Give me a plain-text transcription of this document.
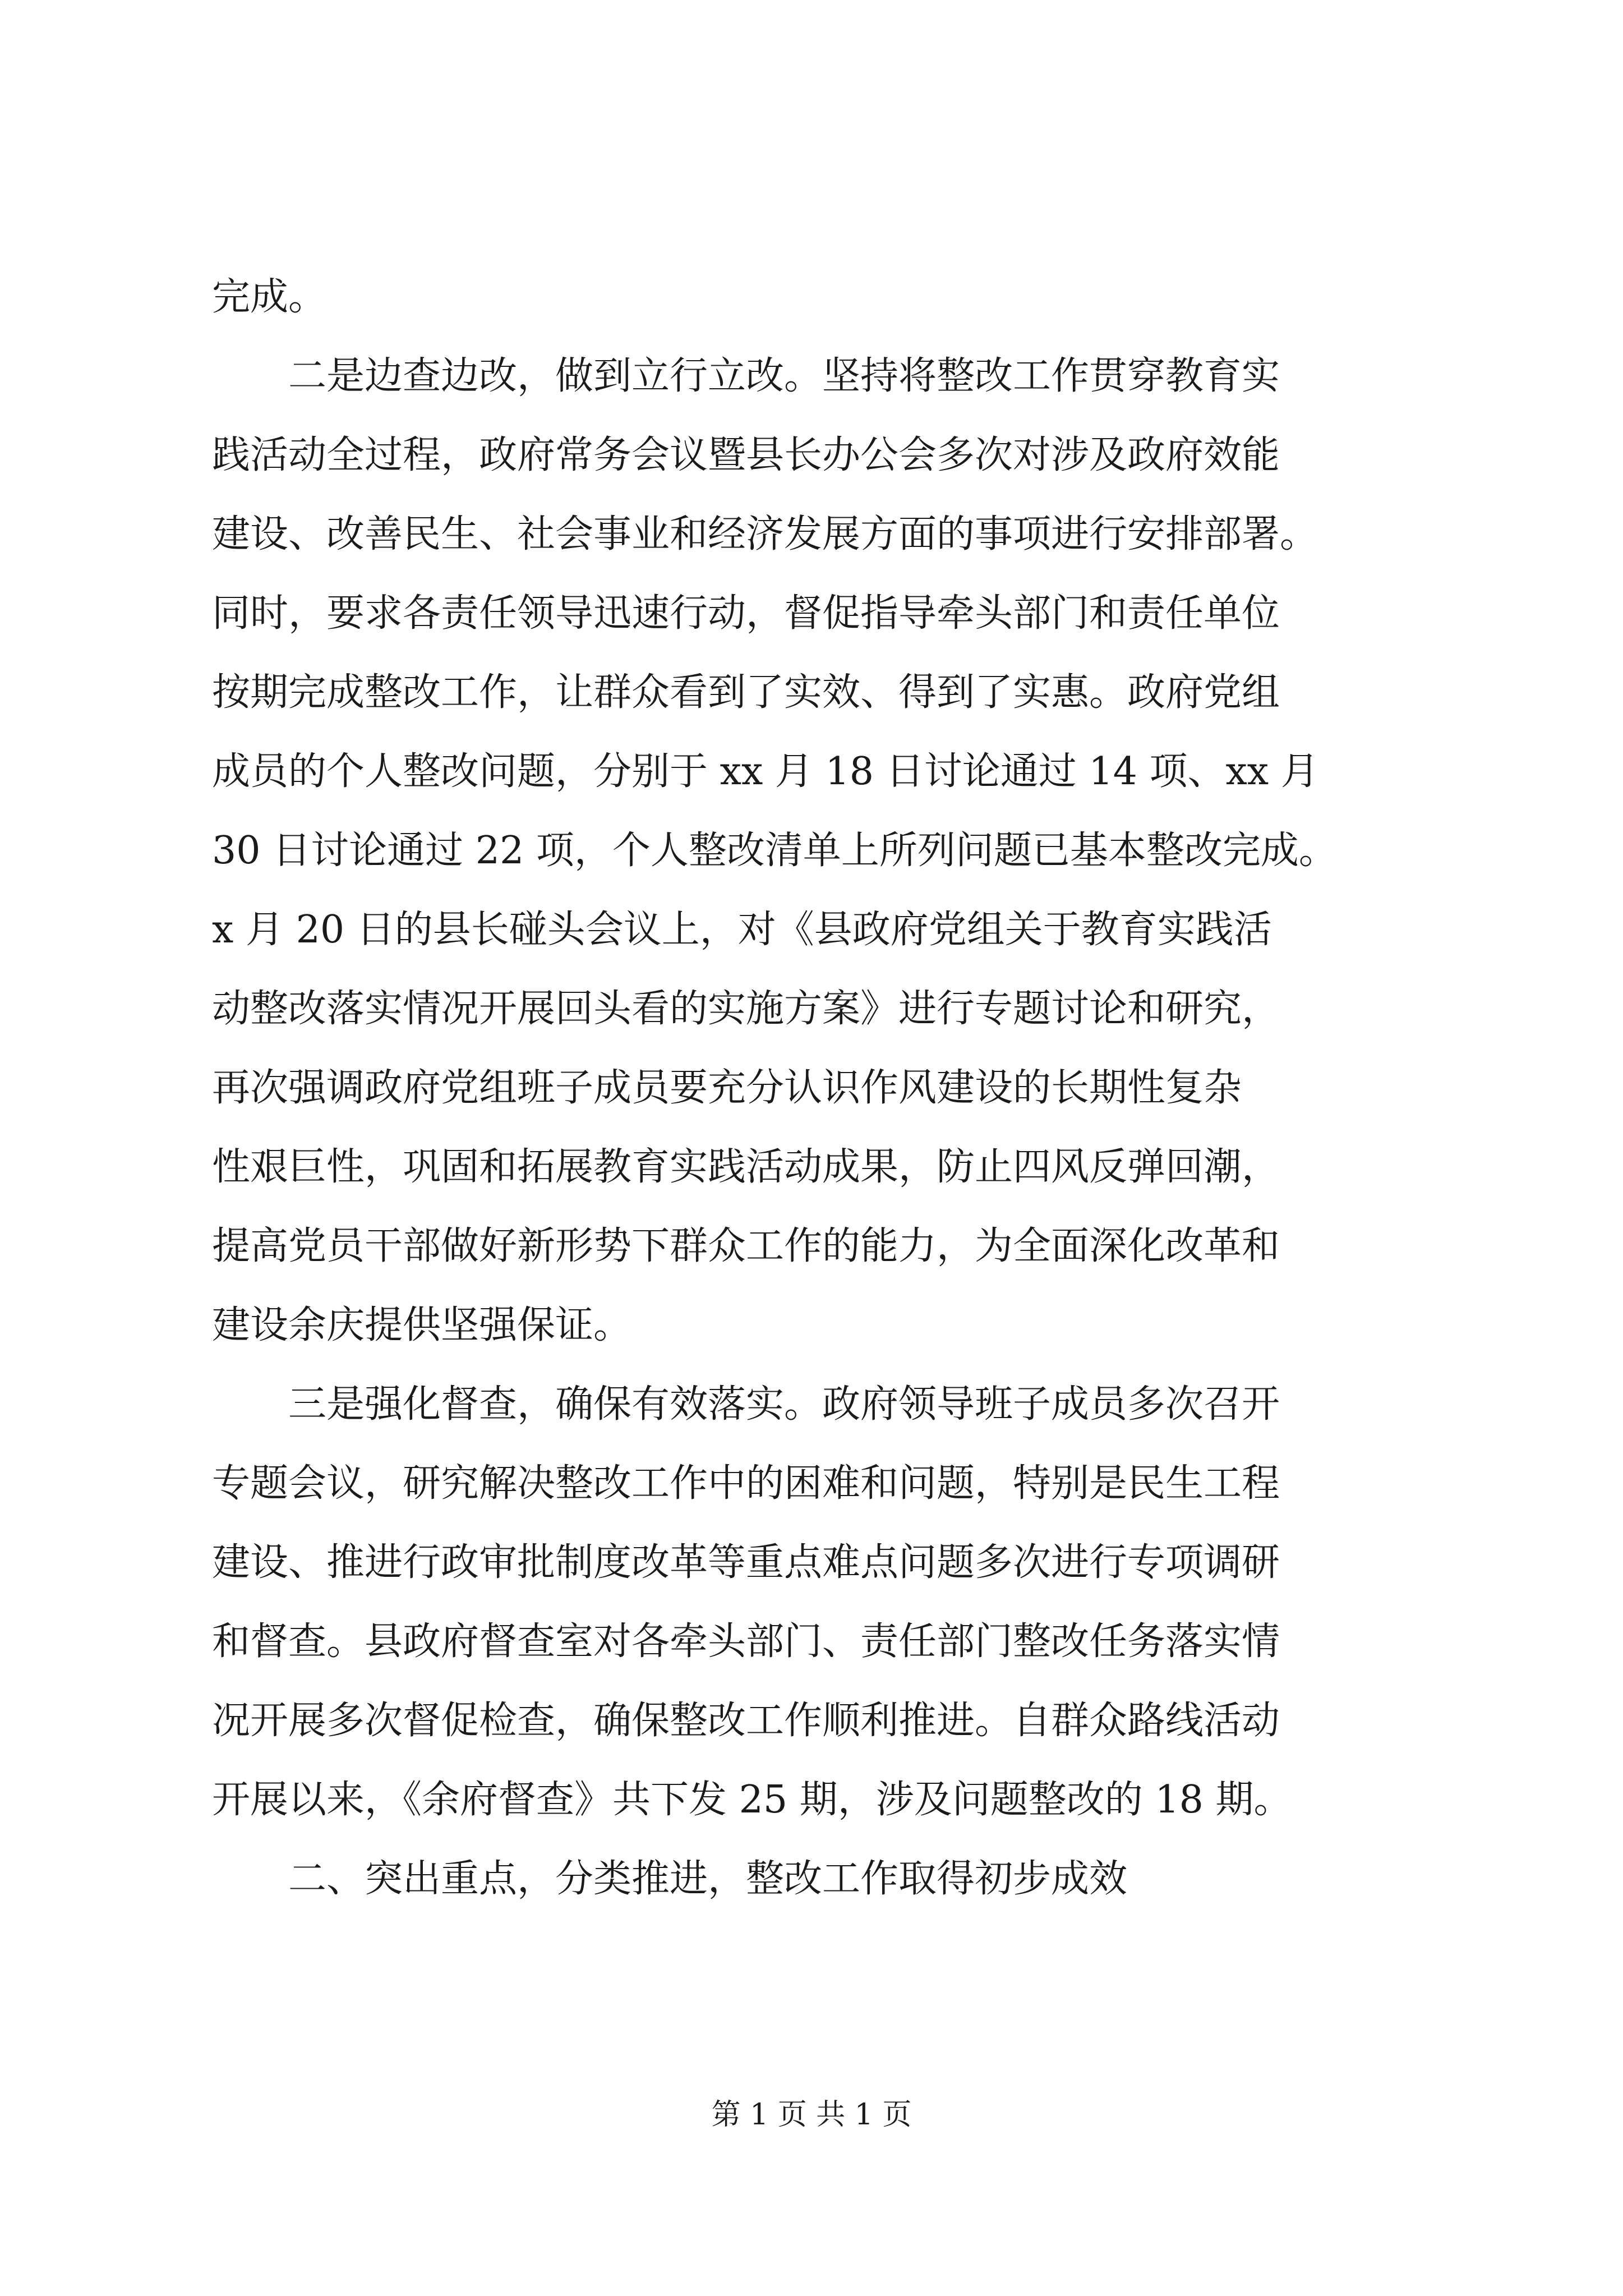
完成。
二是边查边改，做到立行立改。坚持将整改工作贯穿教育实
践活动全过程，政府常务会议暨县长办公会多次对涉及政府效能
建设、改善民生、社会事业和经济发展方面的事项进行安排部署。
同时，要求各责任领导迅速行动，督促指导牵头部门和责任单位
按期完成整改工作，让群众看到了实效、得到了实惠。政府党组
成员的个人整改问题，分别于 xx 月 18 日讨论通过 14 项、xx 月
30 日讨论通过 22 项，个人整改清单上所列问题已基本整改完成。
x 月 20 日的县长碰头会议上，对《县政府党组关于教育实践活
动整改落实情况开展回头看的实施方案》进行专题讨论和研究，
再次强调政府党组班子成员要充分认识作风建设的长期性复杂
性艰巨性，巩固和拓展教育实践活动成果，防止四风反弹回潮，
提高党员干部做好新形势下群众工作的能力，为全面深化改革和
建设余庆提供坚强保证。
三是强化督查，确保有效落实。政府领导班子成员多次召开
专题会议，研究解决整改工作中的困难和问题，特别是民生工程
建设、推进行政审批制度改革等重点难点问题多次进行专项调研
和督查。县政府督查室对各牵头部门、责任部门整改任务落实情
况开展多次督促检查，确保整改工作顺利推进。自群众路线活动
开展以来，《余府督查》共下发 25 期，涉及问题整改的 18 期。
二、突出重点，分类推进，整改工作取得初步成效
第 1 页 共 1 页
